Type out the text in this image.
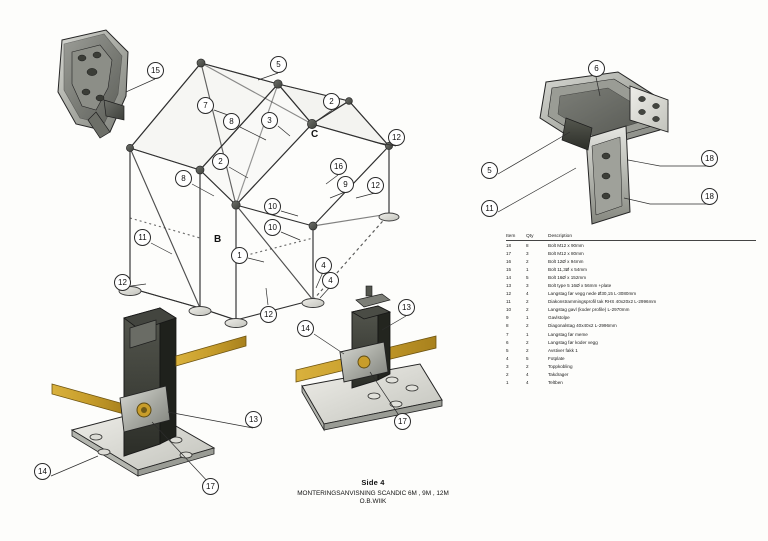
C
B
5
7	2
8	3
12
2
16
8
9	12
10
10
11
1
12
4
4
12
15	6
18
5
18
11
13
14
17
13
14
17
Item	Qty	Description
18	8	Bolt M12 x 90mm
17	3	Bolt M12 x 80mm
16	2	Bolt 12Ø x 94mm
15	1	Bolt 11,3Ø x 54mm
14	5	Bolt 16Ø x 152mm
13	3	Bolt type 5 16Ø x 56mm +plate
12	4	Langstag før vegg nede Ø30,15 L-3080mm
11	2	Diakonstrammingsprofil tak RHS 40x20x2 L-2996mm
10	2	Langstag gavl (koder profile) L-2970mm
9	1	Gavlstolpe
8	2	Diagonalstag 40x40x2 L-2996mm
7	1	Langstag før meme
6	2	Langstag før koder vegg
5	2	Avstiver fakk 1
4	5	Fotplate
3	2	Toppkobling
2	4	Takdrager
1	4	Teltben
Side 4
MONTERINGSANVISNING SCANDIC 6M , 9M , 12M
O.B.WIIK
